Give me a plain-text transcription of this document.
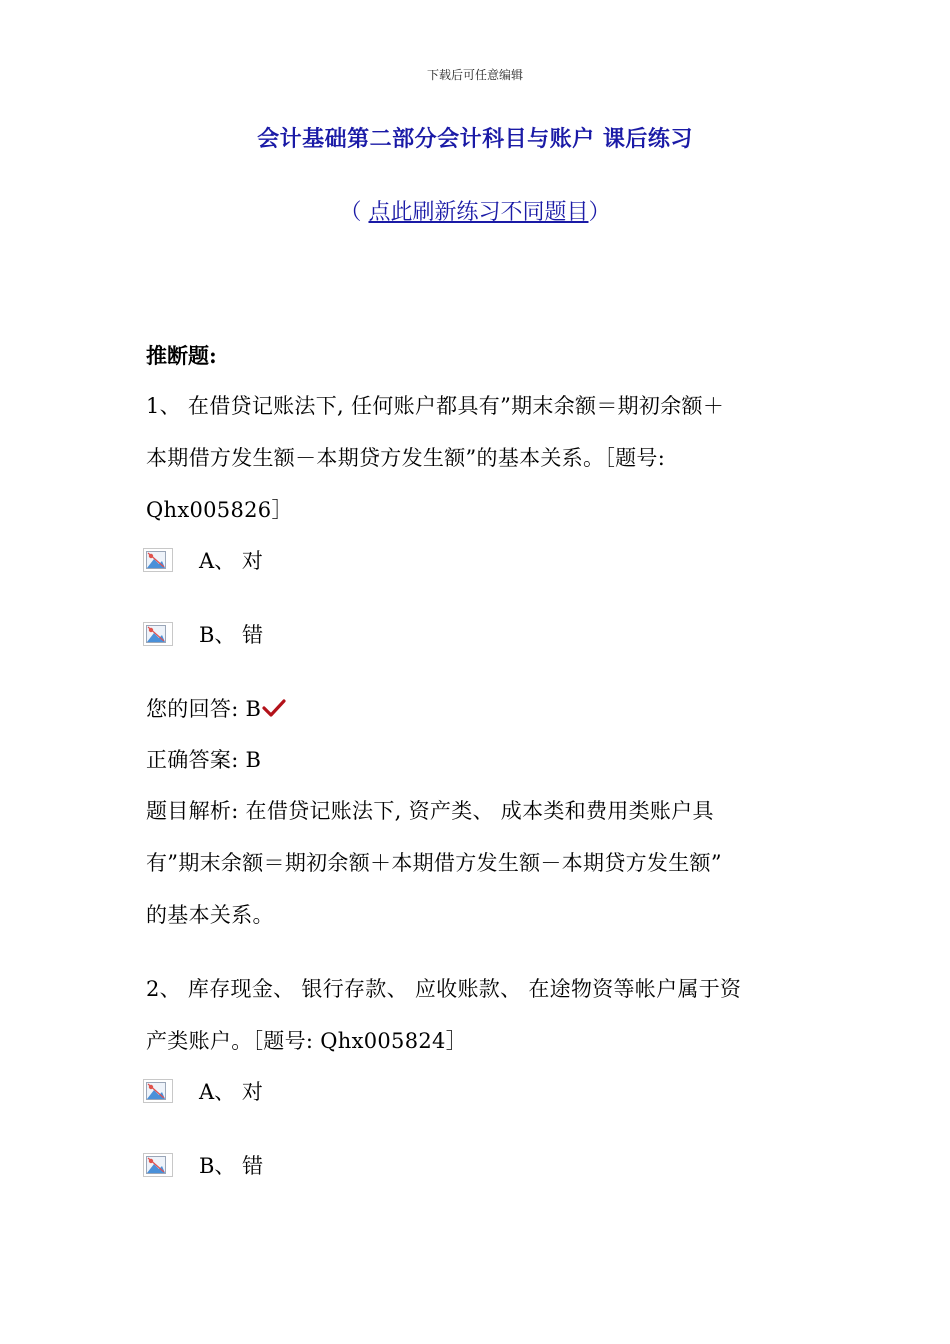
下载后可任意编辑
会计基础第二部分会计科目与账户 课后练习
（ 点此刷新练习不同题目）
推断题:
1、 在借贷记账法下, 任何账户都具有”期末余额＝期初余额＋
本期借方发生额－本期贷方发生额”的基本关系。［题号:
Qhx005826］
A、 对
B、 错
您的回答: B
正确答案: B
题目解析: 在借贷记账法下, 资产类、 成本类和费用类账户具
有”期末余额＝期初余额＋本期借方发生额－本期贷方发生额”
的基本关系。
2、 库存现金、 银行存款、 应收账款、 在途物资等帐户属于资
产类账户。［题号: Qhx005824］
A、 对
B、 错
